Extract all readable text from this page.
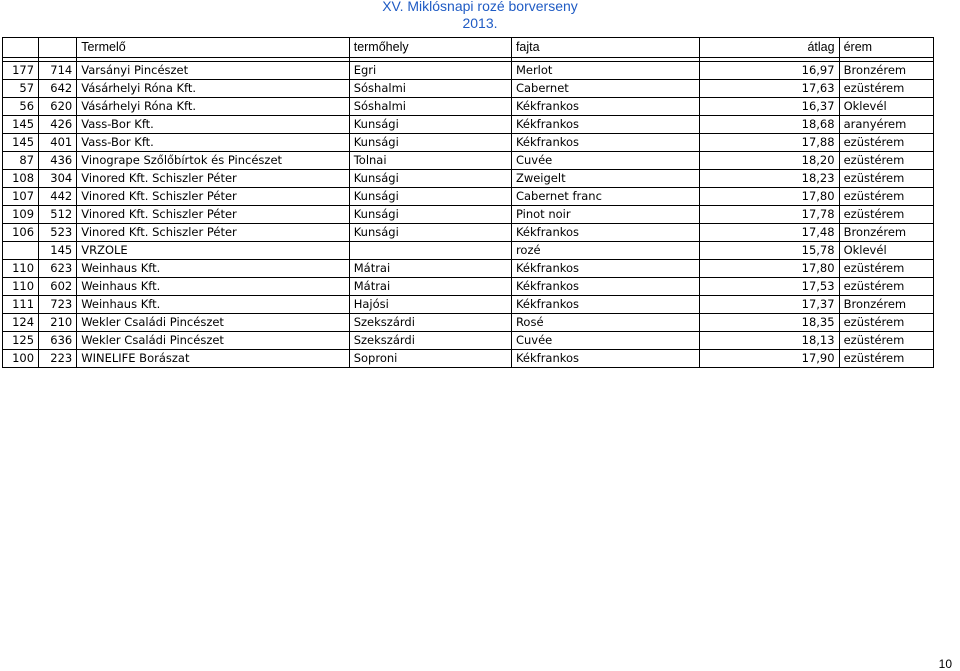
XV. Miklósnapi rozé borverseny
2013.
		Termelő	termőhely	fajta	átlag	érem

177	714	Varsányi Pincészet	Egri	Merlot	16,97	Bronzérem
57	642	Vásárhelyi Róna Kft.	Sóshalmi	Cabernet	17,63	ezüstérem
56	620	Vásárhelyi Róna Kft.	Sóshalmi	Kékfrankos	16,37	Oklevél
145	426	Vass-Bor Kft.	Kunsági	Kékfrankos	18,68	aranyérem
145	401	Vass-Bor Kft.	Kunsági	Kékfrankos	17,88	ezüstérem
87	436	Vinogrape Szőlőbírtok és Pincészet	Tolnai	Cuvée	18,20	ezüstérem
108	304	Vinored Kft. Schiszler Péter	Kunsági	Zweigelt	18,23	ezüstérem
107	442	Vinored Kft. Schiszler Péter	Kunsági	Cabernet franc	17,80	ezüstérem
109	512	Vinored Kft. Schiszler Péter	Kunsági	Pinot noir	17,78	ezüstérem
106	523	Vinored Kft. Schiszler Péter	Kunsági	Kékfrankos	17,48	Bronzérem
	145	VRZOLE		rozé	15,78	Oklevél
110	623	Weinhaus Kft.	Mátrai	Kékfrankos	17,80	ezüstérem
110	602	Weinhaus Kft.	Mátrai	Kékfrankos	17,53	ezüstérem
111	723	Weinhaus Kft.	Hajósi	Kékfrankos	17,37	Bronzérem
124	210	Wekler Családi Pincészet	Szekszárdi	Rosé	18,35	ezüstérem
125	636	Wekler Családi Pincészet	Szekszárdi	Cuvée	18,13	ezüstérem
100	223	WINELIFE Borászat	Soproni	Kékfrankos	17,90	ezüstérem
10
